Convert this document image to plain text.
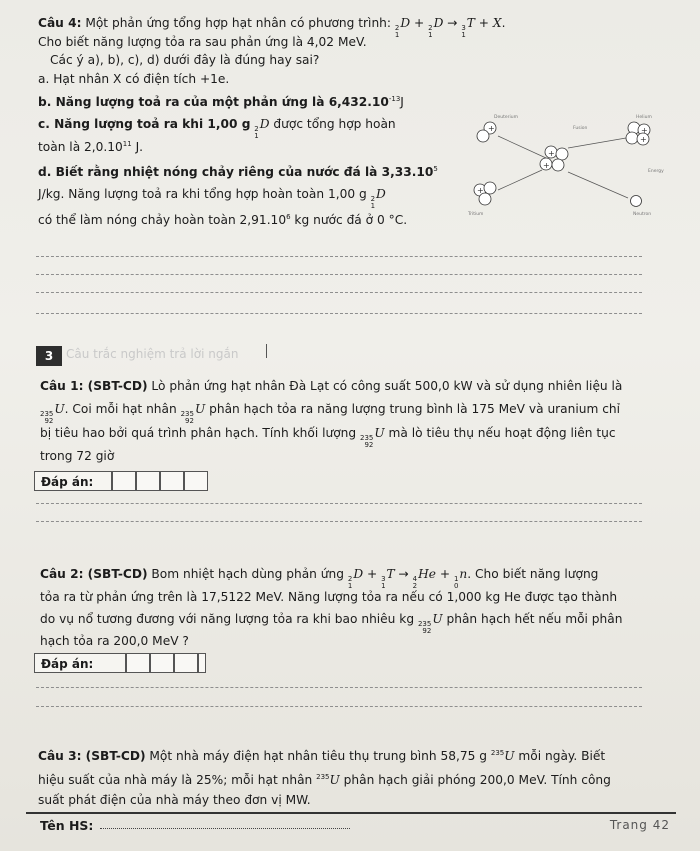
Câu 4: Một phản ứng tổng hợp hạt nhân có phương trình: 2
1
D + 2
1
D → 3
1
T + X.
Cho biết năng lượng tỏa ra sau phản ứng là 4,02 MeV.
Các ý a), b), c), d) dưới đây là đúng hay sai?
a. Hạt nhân X có điện tích +1e.
b. Năng lượng toả ra của một phản ứng là $6,432.10^{-13}J$
c. Năng lượng toả ra khi 1,00 g 2
1
D được tổng hợp hoàn
toàn là 2,0.10$^{11}$ J.
d. Biết rằng nhiệt nóng chảy riêng của nước đá là 3,33.10$^5$
J/kg. Năng lượng toả ra khi tổng hợp hoàn toàn 1,00 g 2
1
D
có thể làm nóng chảy hoàn toàn 2,91.10$^6$ kg nước đá ở 0 °C.
Deuterium	Helium
Fusion
Tritium
Energy
Neutron
+
+
+
+
+
+
3	Câu trắc nghiệm trả lời ngắn
Câu 1: (SBT-CD) Lò phản ứng hạt nhân Đà Lạt có công suất 500,0 kW và sử dụng nhiên liệu là
235
92
U. Coi mỗi hạt nhân 235
92
U phân hạch tỏa ra năng lượng trung bình là 175 MeV và uranium chỉ
bị tiêu hao bởi quá trình phân hạch. Tính khối lượng 235
92
U mà lò tiêu thụ nếu hoạt động liên tục
trong 72 giờ
Đáp án:
Câu 2: (SBT-CD) Bom nhiệt hạch dùng phản ứng 2
1
D + 3
1
T → 4
2
He + 1
0
n. Cho biết năng lượng
tỏa ra từ phản ứng trên là 17,5122 MeV. Năng lượng tỏa ra nếu có 1,000 kg He được tạo thành
do vụ nổ tương đương với năng lượng tỏa ra khi bao nhiêu kg 235
92
U phân hạch hết nếu mỗi phân
hạch tỏa ra 200,0 MeV ?
Đáp án:
Câu 3: (SBT-CD) Một nhà máy điện hạt nhân tiêu thụ trung bình 58,75 g $^{235}$U mỗi ngày. Biết
hiệu suất của nhà máy là 25%; mỗi hạt nhân $^{235}$U phân hạch giải phóng 200,0 MeV. Tính công
suất phát điện của nhà máy theo đơn vị MW.
Tên HS:	Trang 42
